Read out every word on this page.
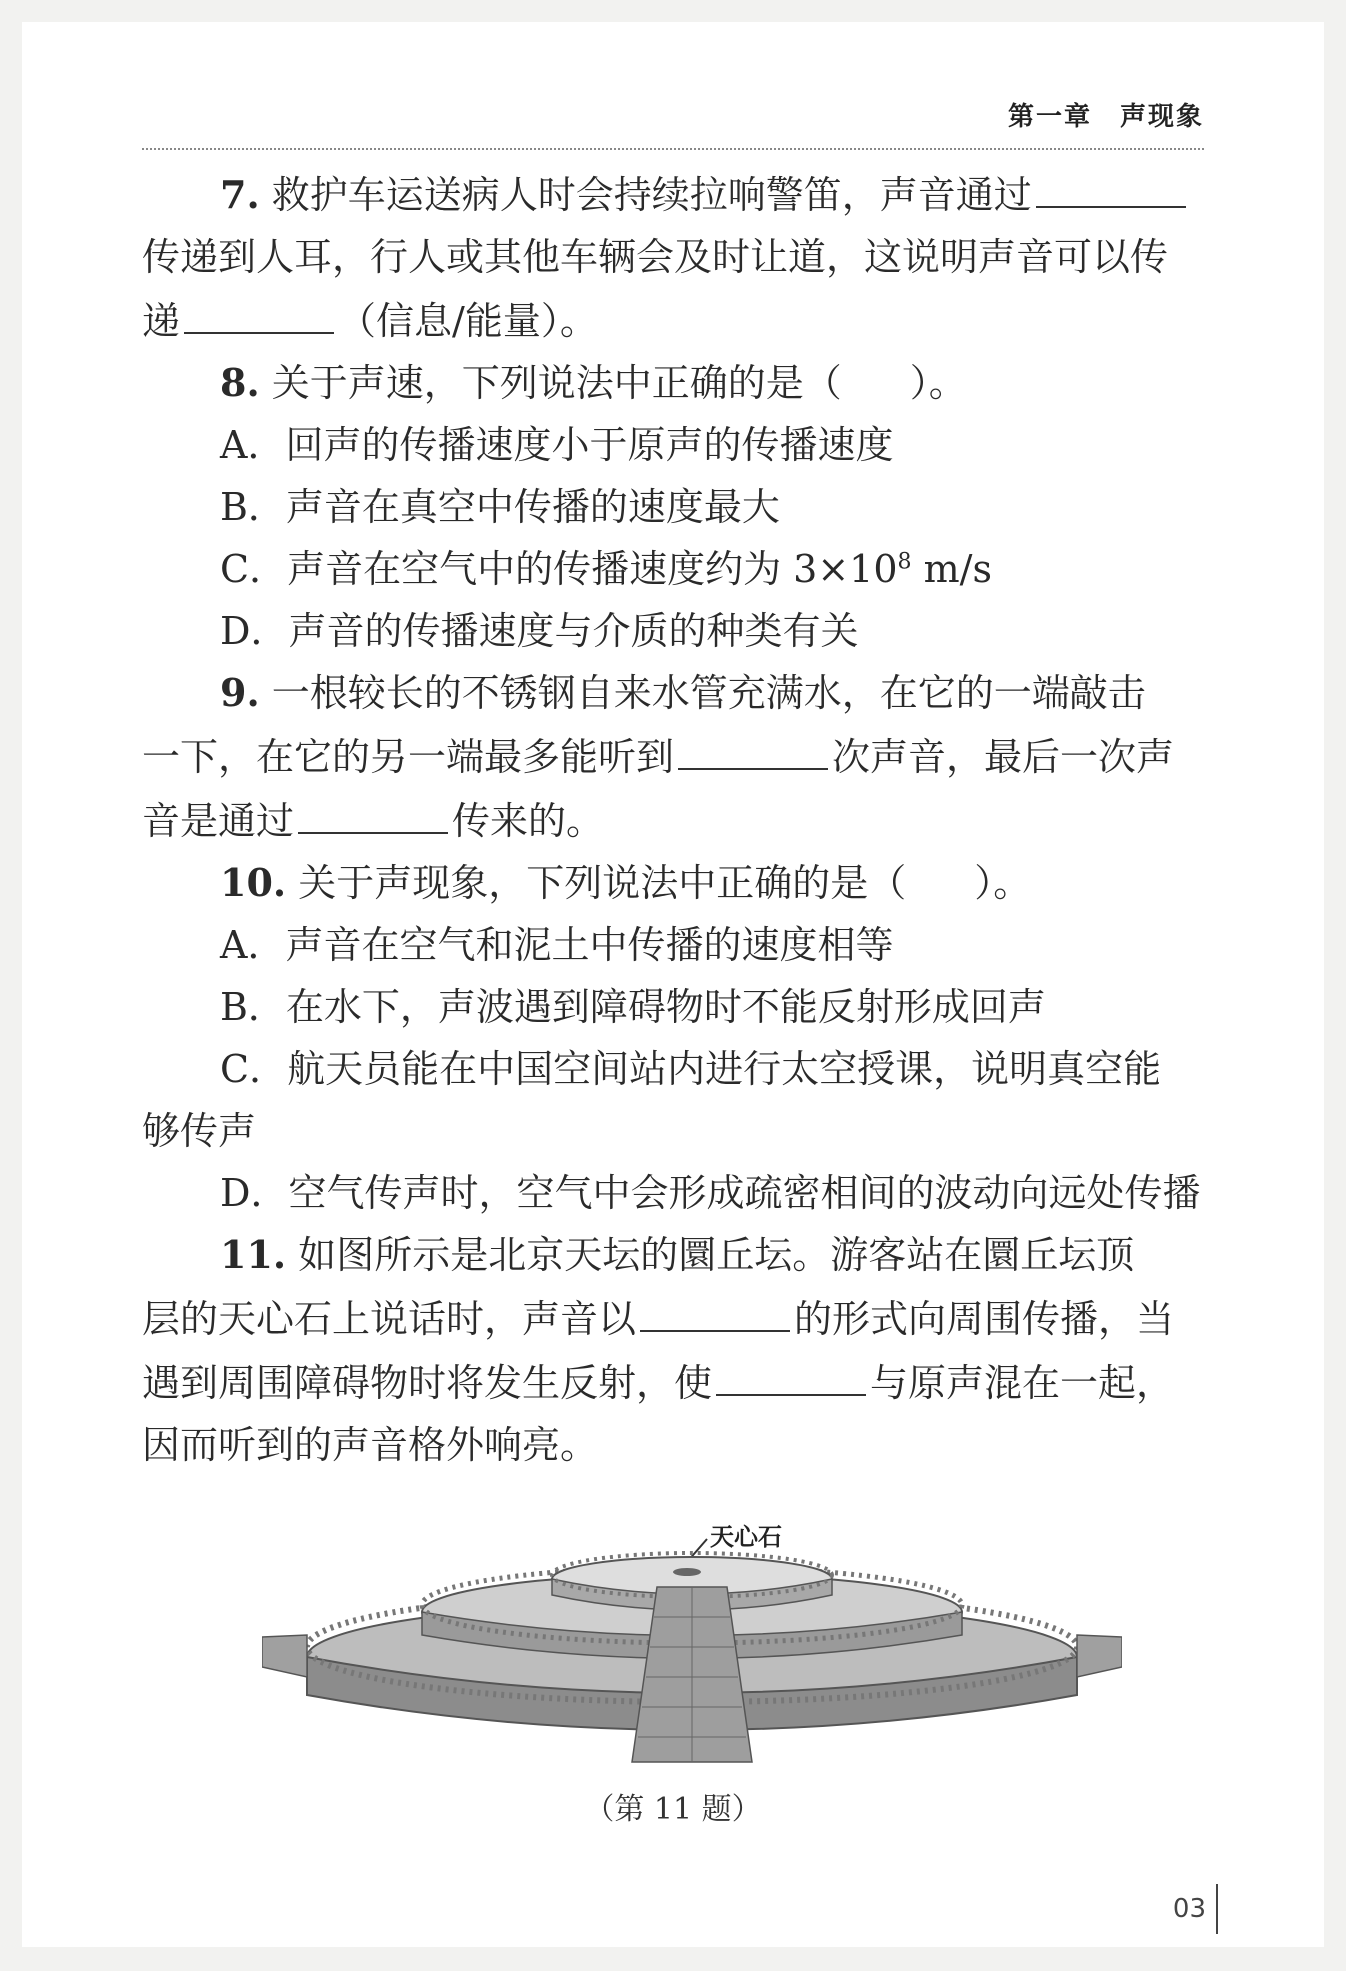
第一章　声现象

7. 救护车运送病人时会持续拉响警笛，声音通过

传递到人耳，行人或其他车辆会及时让道，这说明声音可以传

递	（信息/能量）。

8. 关于声速，下列说法中正确的是（ ）。

A．回声的传播速度小于原声的传播速度

B．声音在真空中传播的速度最大

C．声音在空气中的传播速度约为 $3\times 10^8$ m/s

D．声音的传播速度与介质的种类有关

9. 一根较长的不锈钢自来水管充满水，在它的一端敲击

一下，在它的另一端最多能听到	次声音，最后一次声

音是通过	传来的。

10. 关于声现象，下列说法中正确的是（ ）。

A．声音在空气和泥土中传播的速度相等

B．在水下，声波遇到障碍物时不能反射形成回声

C．航天员能在中国空间站内进行太空授课，说明真空能

够传声

D．空气传声时，空气中会形成疏密相间的波动向远处传播

11. 如图所示是北京天坛的圜丘坛。游客站在圜丘坛顶

层的天心石上说话时，声音以	的形式向周围传播，当

遇到周围障碍物时将发生反射，使	与原声混在一起，

因而听到的声音格外响亮。

天心石
（第 11 题）
03
